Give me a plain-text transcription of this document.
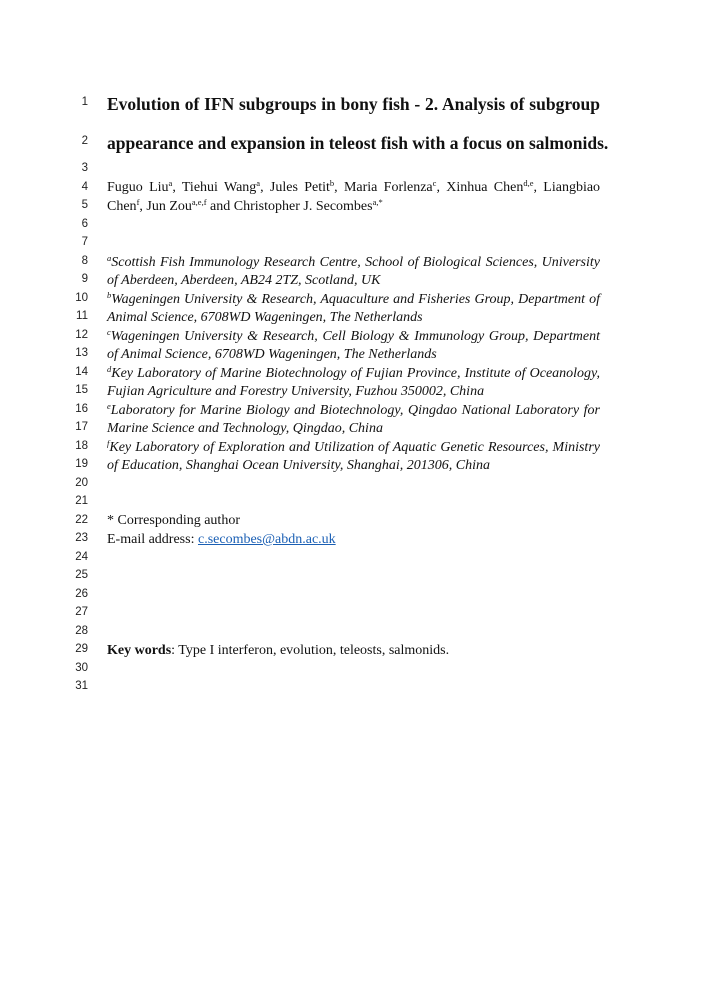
1
2
3
4
5
6
7
8
9
10
11
12
13
14
15
16
17
18
19
20
21
22
23
24
25
26
27
28
29
30
31
Evolution of IFN subgroups in bony fish - 2. Analysis of subgroup
appearance and expansion in teleost fish with a focus on salmonids.
Fuguo Liu$^a$, Tiehui Wang$^a$, Jules Petit$^b$, Maria Forlenza$^c$, Xinhua Chen$^{d,e}$, Liangbiao
Chen$^f$, Jun Zou$^{a,e,f}$ and Christopher J. Secombes$^{a,*}$
$^a$Scottish Fish Immunology Research Centre, School of Biological Sciences, University
of Aberdeen, Aberdeen, AB24 2TZ, Scotland, UK
$^b$Wageningen University & Research, Aquaculture and Fisheries Group, Department of
Animal Science, 6708WD Wageningen, The Netherlands
$^c$Wageningen University & Research, Cell Biology & Immunology Group, Department
of Animal Science, 6708WD Wageningen, The Netherlands
$^d$Key Laboratory of Marine Biotechnology of Fujian Province, Institute of Oceanology,
Fujian Agriculture and Forestry University, Fuzhou 350002, China
$^e$Laboratory for Marine Biology and Biotechnology, Qingdao National Laboratory for
Marine Science and Technology, Qingdao, China
$^f$Key Laboratory of Exploration and Utilization of Aquatic Genetic Resources, Ministry
of Education, Shanghai Ocean University, Shanghai, 201306, China
* Corresponding author
E-mail address: c.secombes@abdn.ac.uk
Key words: Type I interferon, evolution, teleosts, salmonids.
